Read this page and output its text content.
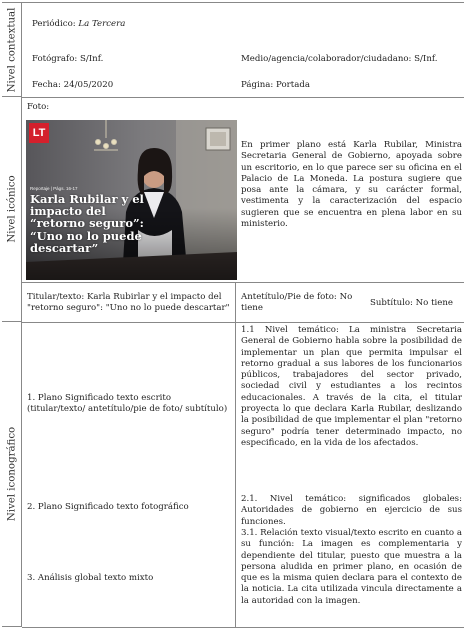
Nivel contextual Periódico: La Tercera
Fotógrafo: S/Inf.	Medio/agencia/colaborador/ciudadano: S/Inf.
Fecha: 24/05/2020	Página: Portada
Nivel icónico
Foto:
En primer plano está Karla Rubilar, Ministra Secretaria General de Gobierno, apoyada sobre un escritorio, en lo que parece ser su oficina en el Palacio de La Moneda. La postura sugiere que posa ante la cámara, y su carácter formal, vestimenta y la caracterización del espacio sugieren que se encuentra en plena labor en su ministerio.
Titular/texto: Karla Rubirlar y el impacto del "retorno seguro": "Uno no lo puede descartar"
Antetítulo/Pie de foto: No tiene
Subtítulo: No tiene
LT
Reportaje | Págs. 16-17
Karla Rubilar y el impacto del “retorno seguro”: “Uno no lo puede descartar”
Nivel iconográfico
1. Plano Significado texto escrito (titular/texto/ antetítulo/pie de foto/ subtítulo)
1.1 Nivel temático: La ministra Secretaria General de Gobierno habla sobre la posibilidad de implementar un plan que permita impulsar el retorno gradual a sus labores de los funcionarios públicos, trabajadores del sector privado, sociedad civil y estudiantes a los recintos educacionales. A través de la cita, el titular proyecta lo que declara Karla Rubilar, deslizando la posibilidad de que implementar el plan "retorno seguro" podría tener determinado impacto, no especificado, en la vida de los afectados.
2. Plano Significado texto fotográfico
2.1. Nivel temático: significados globales: Autoridades de gobierno en ejercicio de sus funciones.
3. Análisis global texto mixto
3.1. Relación texto visual/texto escrito en cuanto a su función: La imagen es complementaria y dependiente del titular, puesto que muestra a la persona aludida en primer plano, en ocasión de que es la misma quien declara para el contexto de la noticia. La cita utilizada vincula directamente a la autoridad con la imagen.
